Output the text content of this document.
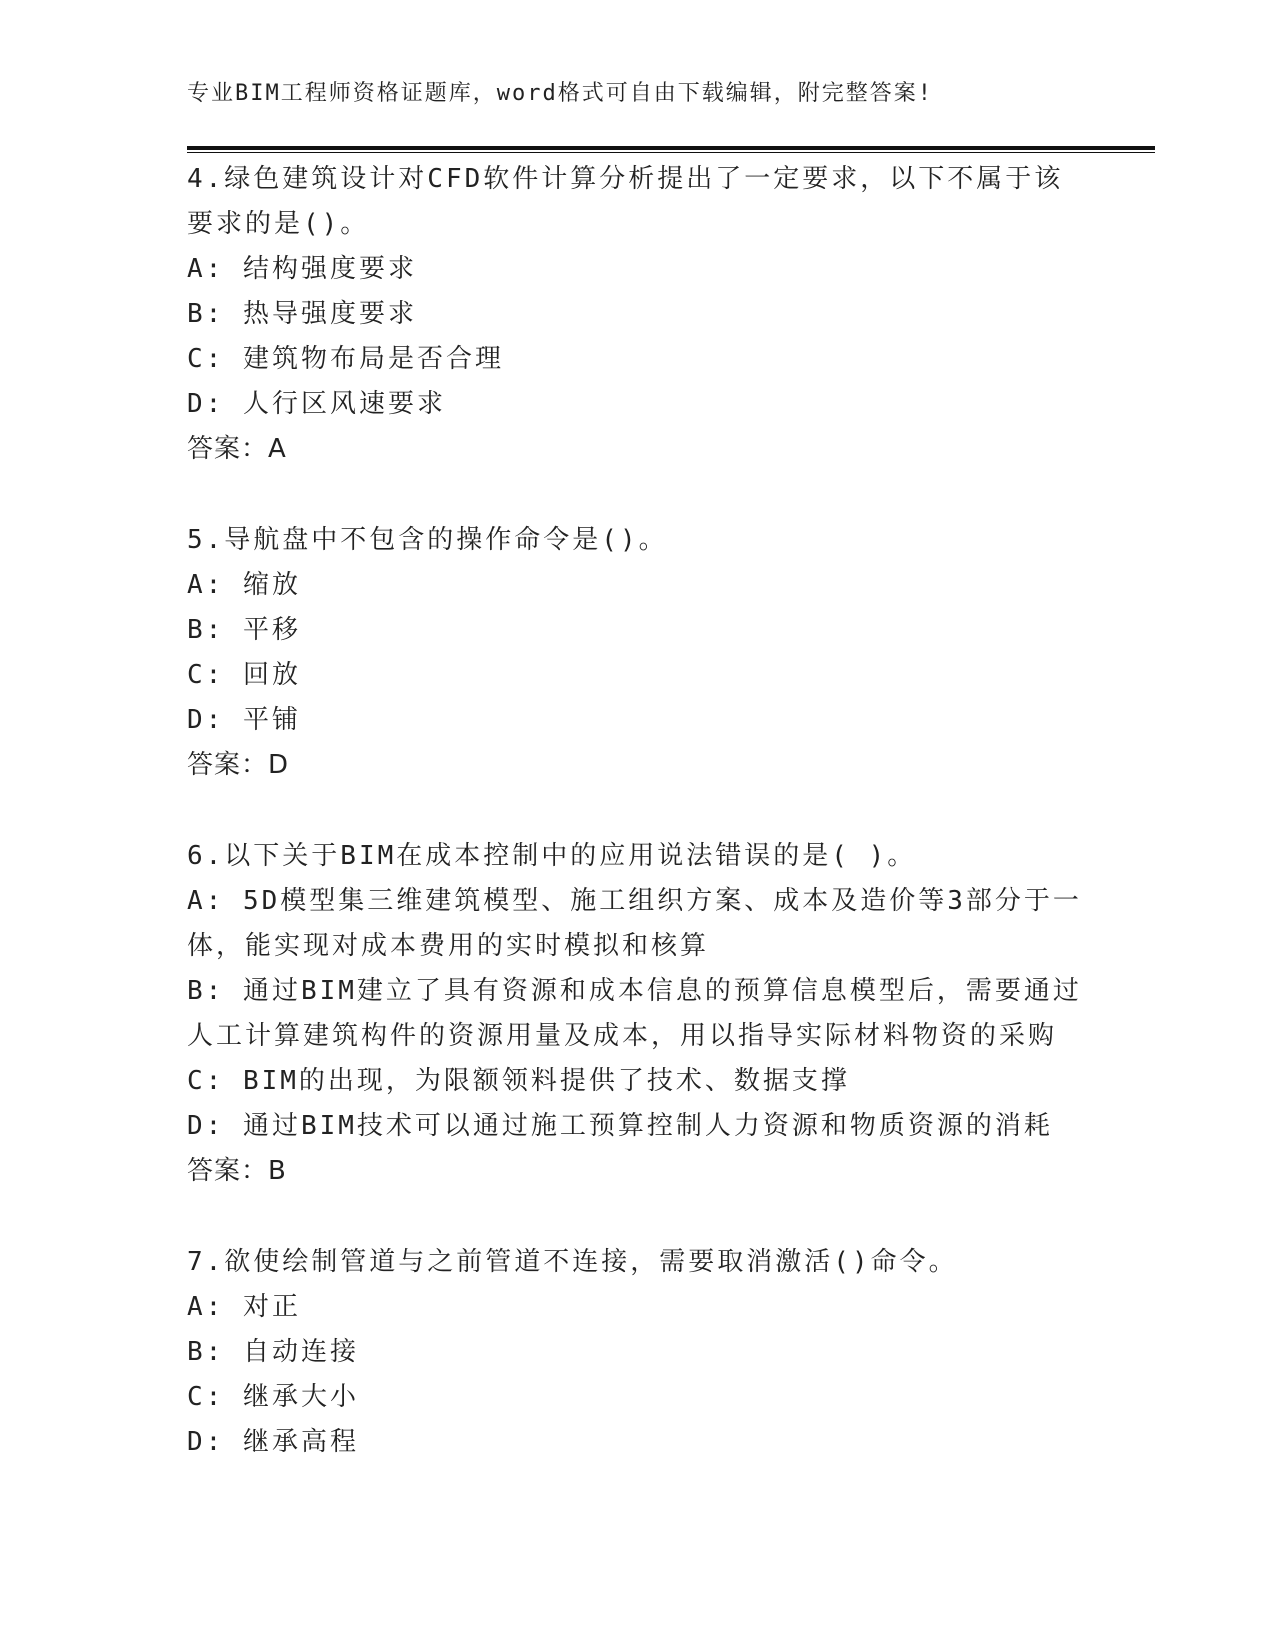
专业BIM工程师资格证题库，word格式可自由下载编辑，附完整答案!
4.绿色建筑设计对CFD软件计算分析提出了一定要求，以下不属于该要求的是()。
A: 结构强度要求
B: 热导强度要求
C: 建筑物布局是否合理
D: 人行区风速要求
答案：A
5.导航盘中不包含的操作命令是()。
A: 缩放
B: 平移
C: 回放
D: 平铺
答案：D
6.以下关于BIM在成本控制中的应用说法错误的是( )。
A: 5D模型集三维建筑模型、施工组织方案、成本及造价等3部分于一体，能实现对成本费用的实时模拟和核算
B: 通过BIM建立了具有资源和成本信息的预算信息模型后，需要通过人工计算建筑构件的资源用量及成本，用以指导实际材料物资的采购
C: BIM的出现，为限额领料提供了技术、数据支撑
D: 通过BIM技术可以通过施工预算控制人力资源和物质资源的消耗
答案：B
7.欲使绘制管道与之前管道不连接，需要取消激活()命令。
A: 对正
B: 自动连接
C: 继承大小
D: 继承高程
